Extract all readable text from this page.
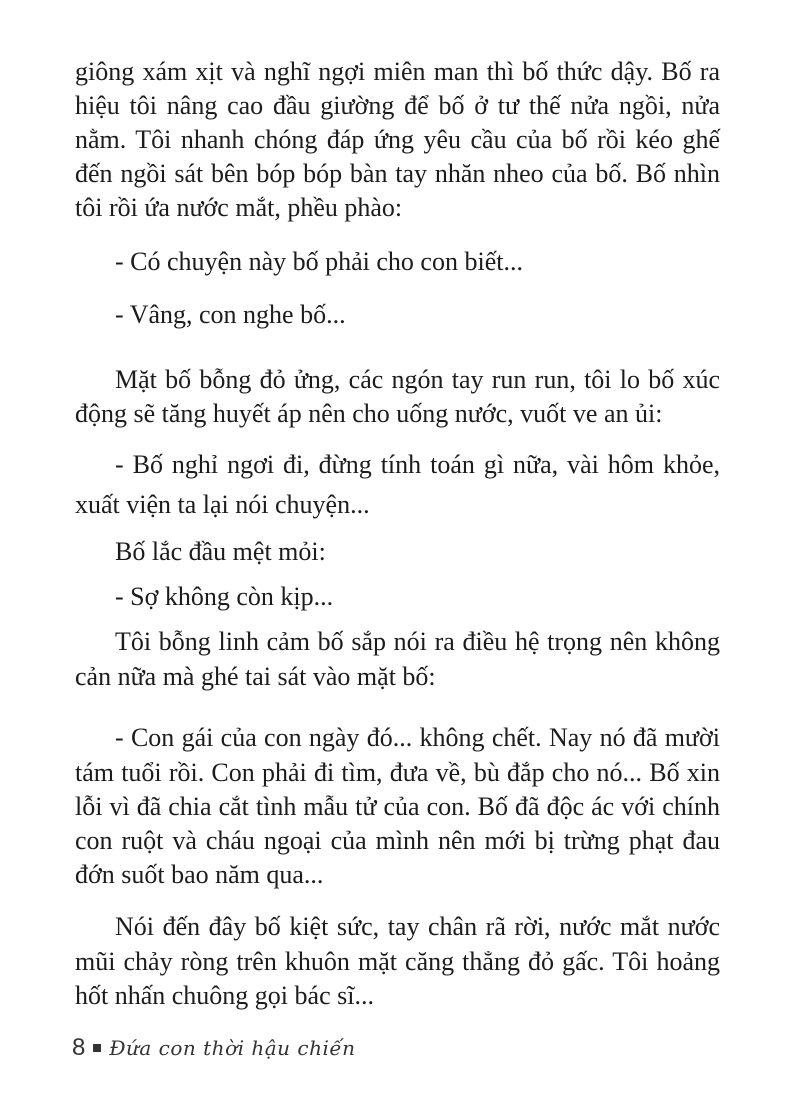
giông xám xịt và nghĩ ngợi miên man thì bố thức dậy. Bố ra
hiệu tôi nâng cao đầu giường để bố ở tư thế nửa ngồi, nửa
nằm. Tôi nhanh chóng đáp ứng yêu cầu của bố rồi kéo ghế
đến ngồi sát bên bóp bóp bàn tay nhăn nheo của bố. Bố nhìn
tôi rồi ứa nước mắt, phều phào:
- Có chuyện này bố phải cho con biết...
- Vâng, con nghe bố...
Mặt bố bỗng đỏ ửng, các ngón tay run run, tôi lo bố xúc
động sẽ tăng huyết áp nên cho uống nước, vuốt ve an ủi:
- Bố nghỉ ngơi đi, đừng tính toán gì nữa, vài hôm khỏe,
xuất viện ta lại nói chuyện...
Bố lắc đầu mệt mỏi:
- Sợ không còn kịp...
Tôi bỗng linh cảm bố sắp nói ra điều hệ trọng nên không
cản nữa mà ghé tai sát vào mặt bố:
- Con gái của con ngày đó... không chết. Nay nó đã mười
tám tuổi rồi. Con phải đi tìm, đưa về, bù đắp cho nó... Bố xin
lỗi vì đã chia cắt tình mẫu tử của con. Bố đã độc ác với chính
con ruột và cháu ngoại của mình nên mới bị trừng phạt đau
đớn suốt bao năm qua...
Nói đến đây bố kiệt sức, tay chân rã rời, nước mắt nước
mũi chảy ròng trên khuôn mặt căng thẳng đỏ gấc. Tôi hoảng
hốt nhấn chuông gọi bác sĩ...
8 Đứa con thời hậu chiến
